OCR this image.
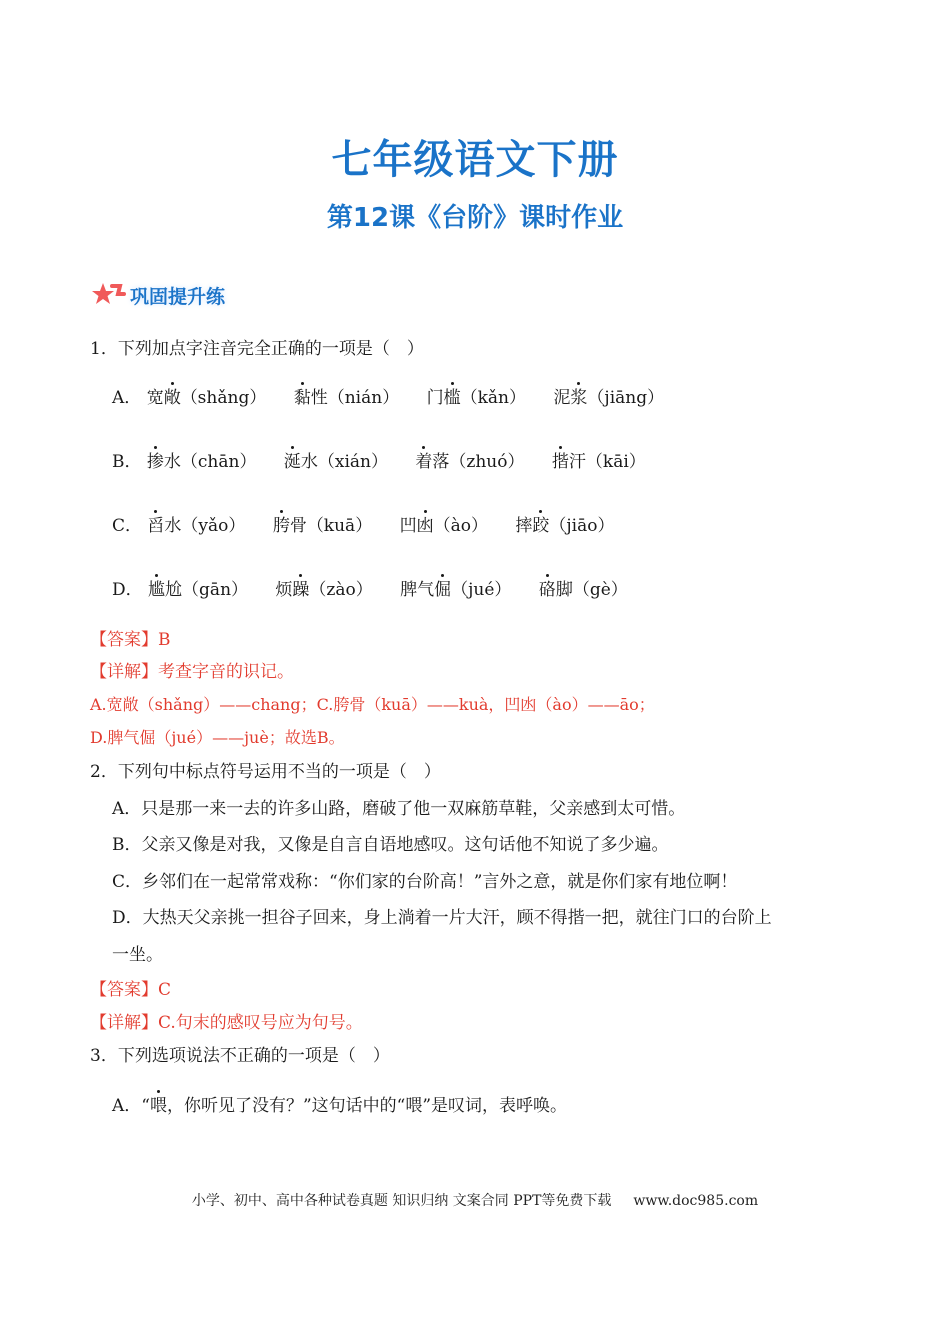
七年级语文下册
第12课《台阶》课时作业
巩固提升练
1．下列加点字注音完全正确的一项是（　）
A． 宽敞（shǎng） 黏性（nián） 门槛（kǎn） 泥浆（jiāng）
B． 掺水（chān） 涎水（xián） 着落（zhuó） 揩汗（kāi）
C． 舀水（yǎo） 胯骨（kuā） 凹凼（ào） 摔跤（jiāo）
D． 尴尬（gān） 烦躁（zào） 脾气倔（jué） 硌脚（gè）
【答案】B
【详解】考查字音的识记。
A.宽敞（shǎng）——chang；C.胯骨（kuā）——kuà，凹凼（ào）——āo；
D.脾气倔（jué）——juè；故选B。
2．下列句中标点符号运用不当的一项是（　）
A．只是那一来一去的许多山路，磨破了他一双麻筋草鞋，父亲感到太可惜。
B．父亲又像是对我，又像是自言自语地感叹。这句话他不知说了多少遍。
C．乡邻们在一起常常戏称：“你们家的台阶高！”言外之意，就是你们家有地位啊！
D．大热天父亲挑一担谷子回来，身上淌着一片大汗，顾不得揩一把，就往门口的台阶上
一坐。
【答案】C
【详解】C.句末的感叹号应为句号。
3．下列选项说法不正确的一项是（　）
A．“喂，你听见了没有？”这句话中的“喂”是叹词，表呼唤。
小学、初中、高中各种试卷真题 知识归纳 文案合同 PPT等免费下载 www.doc985.com
